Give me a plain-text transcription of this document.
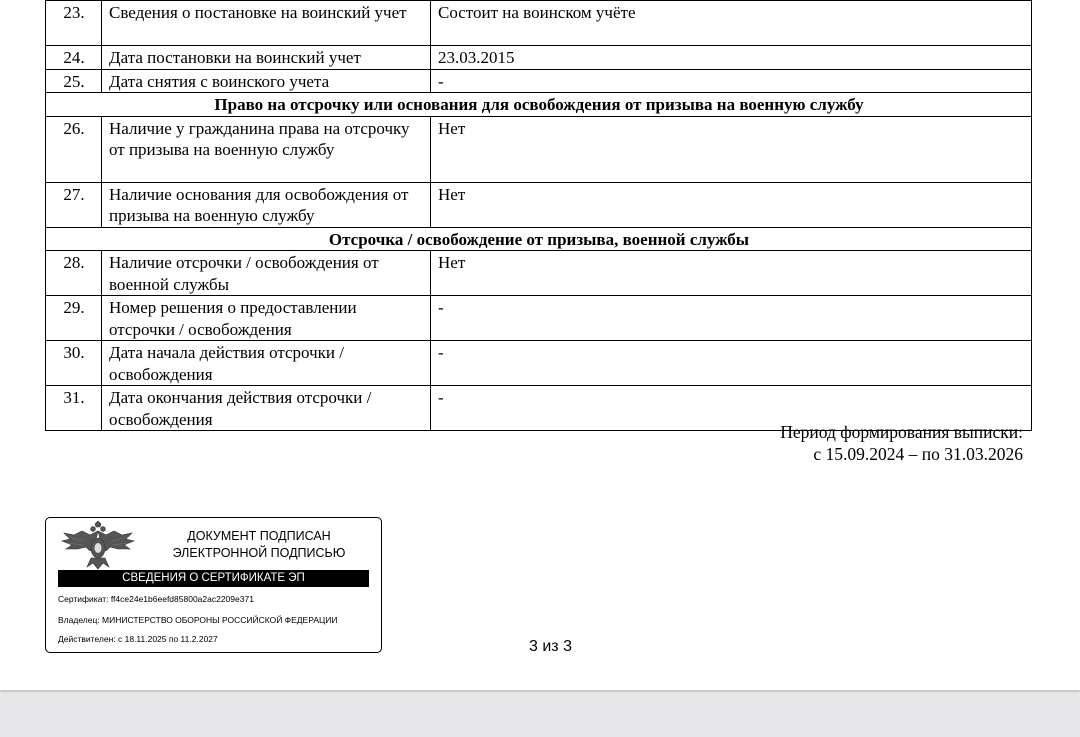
23.	Сведения о постановке на воинский учет	Состоит на воинском учёте
24.	Дата постановки на воинский учет	23.03.2015
25.	Дата снятия с воинского учета	-
Право на отсрочку или основания для освобождения от призыва на военную службу		
26.	Наличие у гражданина права на отсрочку от призыва на военную службу	Нет
27.	Наличие основания для освобождения от призыва на военную службу	Нет
Отсрочка / освобождение от призыва, военной службы		
28.	Наличие отсрочки / освобождения от военной службы	Нет
29.	Номер решения о предоставлении отсрочки / освобождения	-
30.	Дата начала действия отсрочки / освобождения	-
31.	Дата окончания действия отсрочки / освобождения	-
Период формирования выписки:
с 15.09.2024 – по 31.03.2026
ДОКУМЕНТ ПОДПИСАН
ЭЛЕКТРОННОЙ ПОДПИСЬЮ
СВЕДЕНИЯ О СЕРТИФИКАТЕ ЭП
Сертификат: ff4ce24e1b6eefd85800a2ac2209e371
Владелец: МИНИСТЕРСТВО ОБОРОНЫ РОССИЙСКОЙ ФЕДЕРАЦИИ
Действителен: с 18.11.2025 по 11.2.2027	3 из 3
